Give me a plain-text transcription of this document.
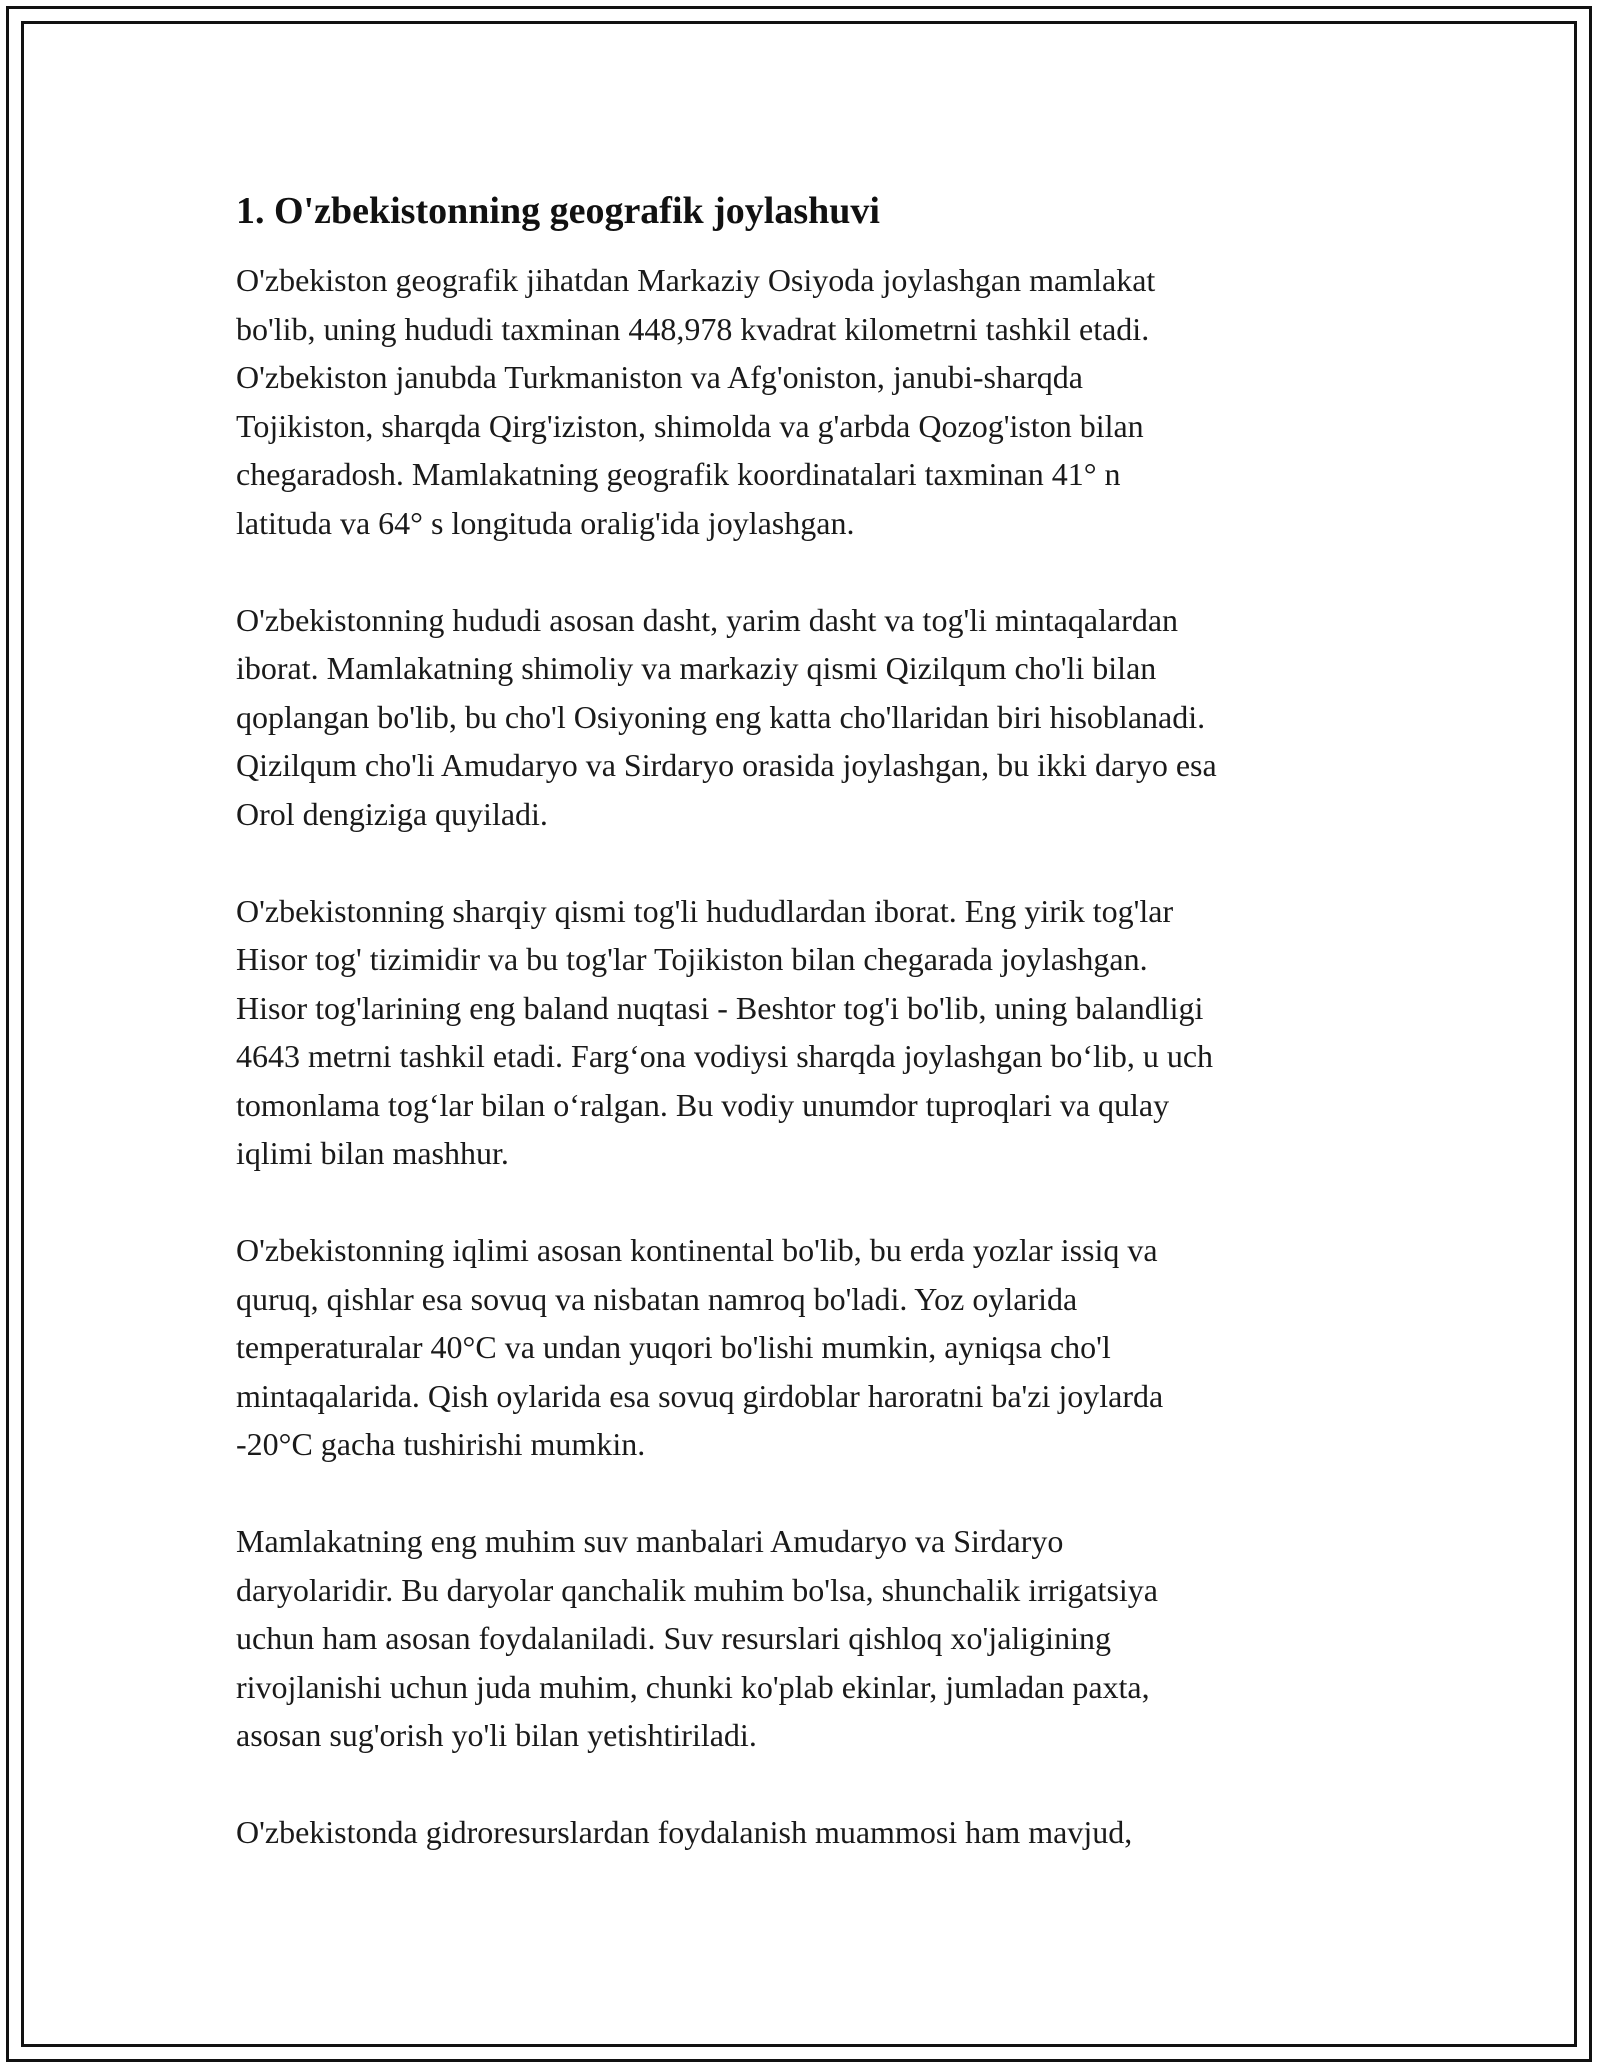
1. O'zbekistonning geografik joylashuvi

O'zbekiston geografik jihatdan Markaziy Osiyoda joylashgan mamlakat
bo'lib, uning hududi taxminan 448,978 kvadrat kilometrni tashkil etadi.
O'zbekiston janubda Turkmaniston va Afg'oniston, janubi-sharqda
Tojikiston, sharqda Qirg'iziston, shimolda va g'arbda Qozog'iston bilan
chegaradosh. Mamlakatning geografik koordinatalari taxminan 41° n
latituda va 64° s longituda oralig'ida joylashgan.

O'zbekistonning hududi asosan dasht, yarim dasht va tog'li mintaqalardan
iborat. Mamlakatning shimoliy va markaziy qismi Qizilqum cho'li bilan
qoplangan bo'lib, bu cho'l Osiyoning eng katta cho'llaridan biri hisoblanadi.
Qizilqum cho'li Amudaryo va Sirdaryo orasida joylashgan, bu ikki daryo esa
Orol dengiziga quyiladi.

O'zbekistonning sharqiy qismi tog'li hududlardan iborat. Eng yirik tog'lar
Hisor tog' tizimidir va bu tog'lar Tojikiston bilan chegarada joylashgan.
Hisor tog'larining eng baland nuqtasi - Beshtor tog'i bo'lib, uning balandligi
4643 metrni tashkil etadi. Farg‘ona vodiysi sharqda joylashgan bo‘lib, u uch
tomonlama tog‘lar bilan o‘ralgan. Bu vodiy unumdor tuproqlari va qulay
iqlimi bilan mashhur.

O'zbekistonning iqlimi asosan kontinental bo'lib, bu erda yozlar issiq va
quruq, qishlar esa sovuq va nisbatan namroq bo'ladi. Yoz oylarida
temperaturalar 40°C va undan yuqori bo'lishi mumkin, ayniqsa cho'l
mintaqalarida. Qish oylarida esa sovuq girdoblar haroratni ba'zi joylarda
-20°C gacha tushirishi mumkin.

Mamlakatning eng muhim suv manbalari Amudaryo va Sirdaryo
daryolaridir. Bu daryolar qanchalik muhim bo'lsa, shunchalik irrigatsiya
uchun ham asosan foydalaniladi. Suv resurslari qishloq xo'jaligining
rivojlanishi uchun juda muhim, chunki ko'plab ekinlar, jumladan paxta,
asosan sug'orish yo'li bilan yetishtiriladi.

O'zbekistonda gidroresurslardan foydalanish muammosi ham mavjud,
